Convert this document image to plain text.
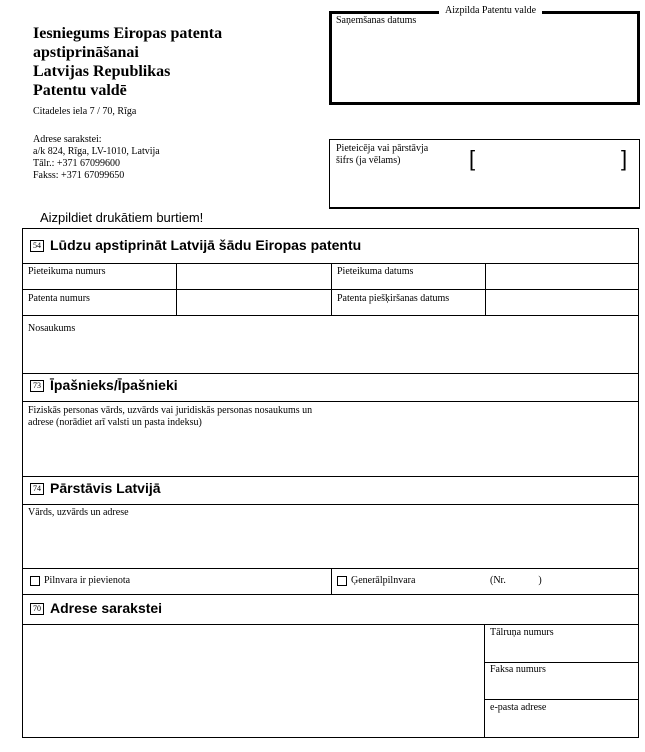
Iesniegums Eiropas patenta
apstiprināšanai
Latvijas Republikas
Patentu valdē
Citadeles iela 7 / 70, Rīga
Adrese sarakstei:
a/k 824, Rīga, LV-1010, Latvija
Tālr.: +371 67099600
Fakss: +371 67099650
Aizpilda Patentu valde
Saņemšanas datums
Pieteicēja vai pārstāvja
šifrs (ja vēlams)	[	]
Aizpildiet drukātiem burtiem!
54 Lūdzu apstiprināt Latvijā šādu Eiropas patentu
Pieteikuma numurs	Pieteikuma datums
Patenta numurs	Patenta piešķiršanas datums
Nosaukums
73 Īpašnieks/Īpašnieki
Fiziskās personas vārds, uzvārds vai juridiskās personas nosaukums un
adrese (norādiet arī valsti un pasta indeksu)
74 Pārstāvis Latvijā
Vārds, uzvārds un adrese
Pilnvara ir pievienota	Ģenerālpilnvara	(Nr.             )
70 Adrese sarakstei
Tālruņa numurs
Faksa numurs
e-pasta adrese
